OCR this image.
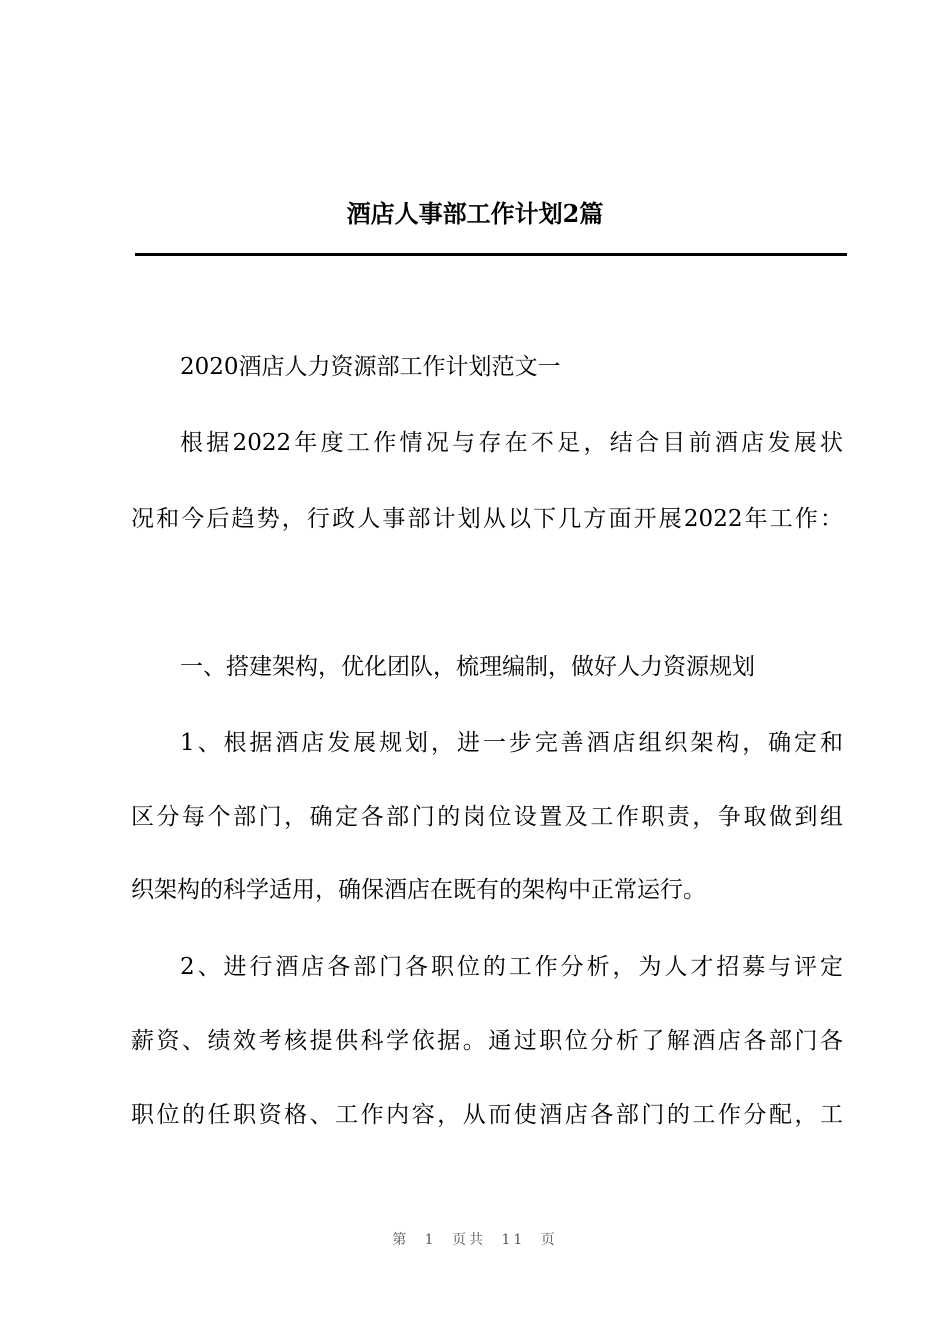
酒店人事部工作计划2篇

2020酒店人力资源部工作计划范文一

根据2022年度工作情况与存在不足，结合目前酒店发展状

况和今后趋势，行政人事部计划从以下几方面开展2022年工作：

一、搭建架构，优化团队，梳理编制，做好人力资源规划

1、根据酒店发展规划，进一步完善酒店组织架构，确定和

区分每个部门，确定各部门的岗位设置及工作职责，争取做到组

织架构的科学适用，确保酒店在既有的架构中正常运行。

2、进行酒店各部门各职位的工作分析，为人才招募与评定

薪资、绩效考核提供科学依据。通过职位分析了解酒店各部门各

职位的任职资格、工作内容，从而使酒店各部门的工作分配，工

第 1 页共 11 页
